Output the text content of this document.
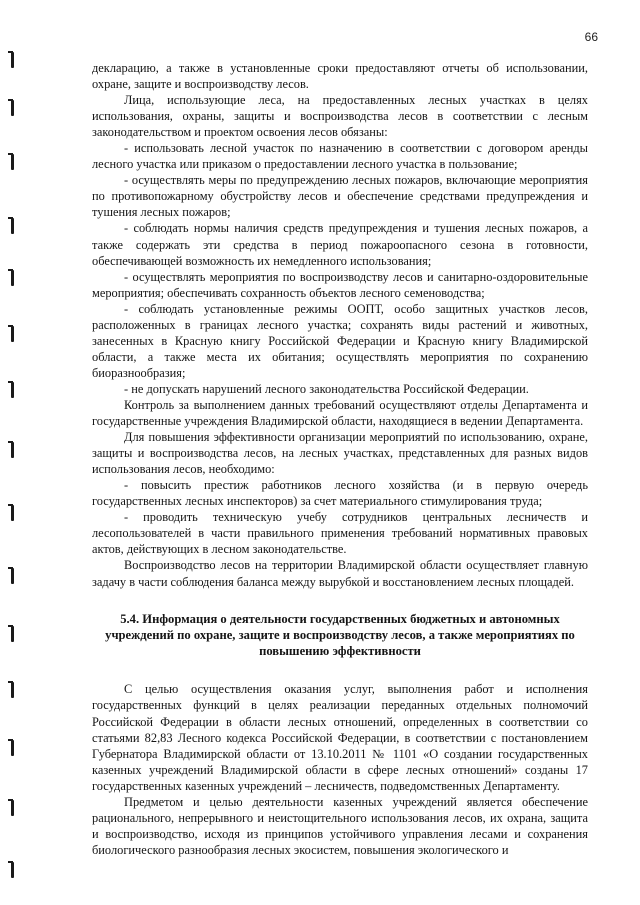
66

декларацию, а также в установленные сроки предоставляют отчеты об использовании, охране, защите и воспроизводству лесов.

Лица, использующие леса, на предоставленных лесных участках в целях использования, охраны, защиты и воспроизводства лесов в соответствии с лесным законодательством и проектом освоения лесов обязаны:

- использовать лесной участок по назначению в соответствии с договором аренды лесного участка или приказом о предоставлении лесного участка в пользование;

- осуществлять меры по предупреждению лесных пожаров, включающие мероприятия по противопожарному обустройству лесов и обеспечение средствами предупреждения и тушения лесных пожаров;

- соблюдать нормы наличия средств предупреждения и тушения лесных пожаров, а также содержать эти средства в период пожароопасного сезона в готовности, обеспечивающей возможность их немедленного использования;

- осуществлять мероприятия по воспроизводству лесов и санитарно-оздоровительные мероприятия; обеспечивать сохранность объектов лесного семеноводства;

- соблюдать установленные режимы ООПТ, особо защитных участков лесов, расположенных в границах лесного участка; сохранять виды растений и животных, занесенных в Красную книгу Российской Федерации и Красную книгу Владимирской области, а также места их обитания; осуществлять мероприятия по сохранению биоразнообразия;

- не допускать нарушений лесного законодательства Российской Федерации.

Контроль за выполнением данных требований осуществляют отделы Департамента и государственные учреждения Владимирской области, находящиеся в ведении Департамента.

Для повышения эффективности организации мероприятий по использованию, охране, защиты и воспроизводства лесов, на лесных участках, представленных для разных видов использования лесов, необходимо:

- повысить престиж работников лесного хозяйства (и в первую очередь государственных лесных инспекторов) за счет материального стимулирования труда;

- проводить техническую учебу сотрудников центральных лесничеств и лесопользователей в части правильного применения требований нормативных правовых актов, действующих в лесном законодательстве.

Воспроизводство лесов на территории Владимирской области осуществляет главную задачу в части соблюдения баланса между вырубкой и восстановлением лесных площадей.

5.4. Информация о деятельности государственных бюджетных и автономных учреждений по охране, защите и воспроизводству лесов, а также мероприятиях по повышению эффективности

С целью осуществления оказания услуг, выполнения работ и исполнения государственных функций в целях реализации переданных отдельных полномочий Российской Федерации в области лесных отношений, определенных в соответствии со статьями 82,83 Лесного кодекса Российской Федерации, в соответствии с постановлением Губернатора Владимирской области от 13.10.2011 № 1101 «О создании государственных казенных учреждений Владимирской области в сфере лесных отношений» созданы 17 государственных казенных учреждений – лесничеств, подведомственных Департаменту.

Предметом и целью деятельности казенных учреждений является обеспечение рационального, непрерывного и неистощительного использования лесов, их охрана, защита и воспроизводство, исходя из принципов устойчивого управления лесами и сохранения биологического разнообразия лесных экосистем, повышения экологического и
